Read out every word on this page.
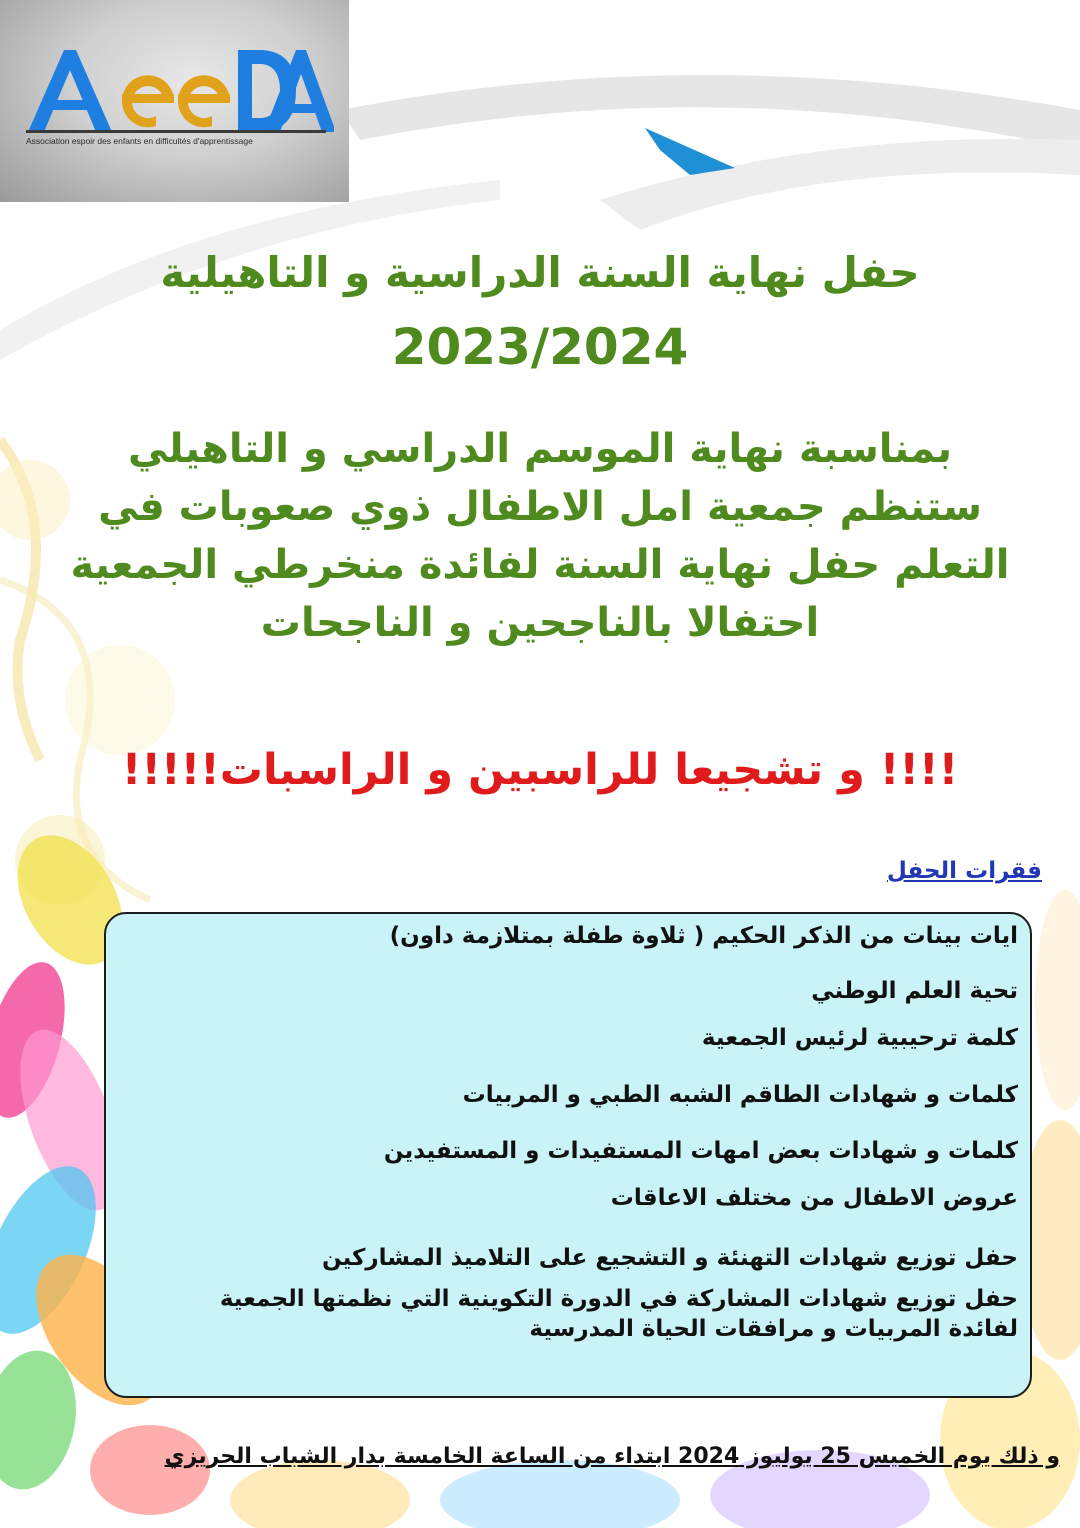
Association espoir des enfants en difficultés d'apprentissage
حفل نهاية السنة الدراسية و التاهيلية
2023/2024
بمناسبة نهاية الموسم الدراسي و التاهيلي
ستنظم جمعية امل الاطفال ذوي صعوبات في
التعلم حفل نهاية السنة لفائدة منخرطي الجمعية
احتفالا بالناجحين و الناجحات
!!!! و تشجيعا للراسبين و الراسبات!!!!!
فقرات الحفل
ايات بينات من الذكر الحكيم ( ثلاوة طفلة بمتلازمة داون)
تحية العلم الوطني
كلمة ترحيبية لرئيس الجمعية
كلمات و شهادات الطاقم الشبه الطبي و المربيات
كلمات و شهادات بعض امهات المستفيدات و المستفيدين
عروض الاطفال من مختلف الاعاقات
حفل توزيع شهادات التهنئة و التشجيع على التلاميذ المشاركين
حفل توزيع شهادات المشاركة في الدورة التكوينية التي نظمتها الجمعية
لفائدة المربيات و مرافقات الحياة المدرسية
و ذلك يوم الخميس 25 يوليوز 2024 ابتداء من الساعة الخامسة بدار الشباب الحريزي
